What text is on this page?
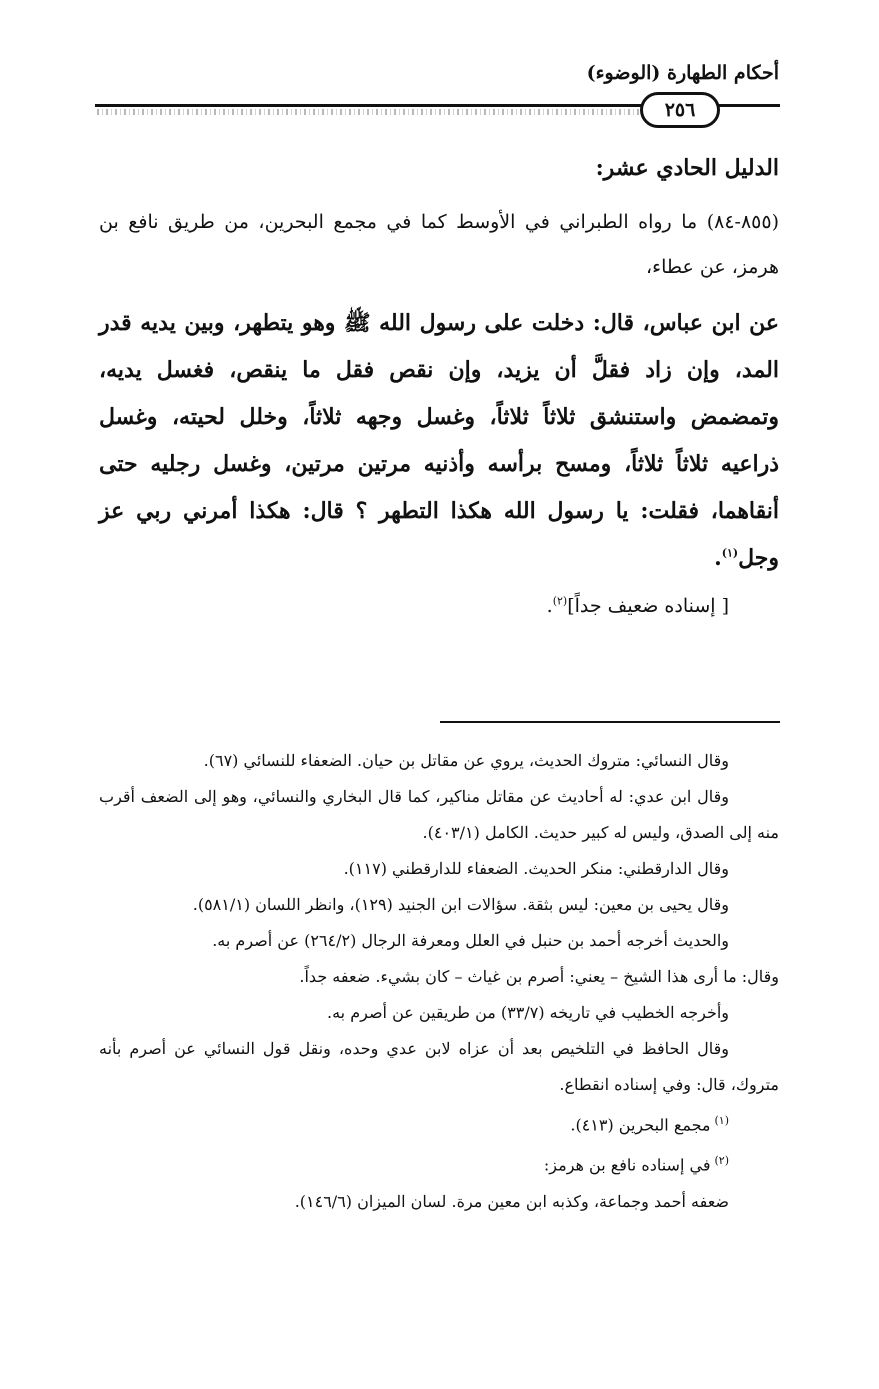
أحكام الطهارة (الوضوء)
٢٥٦

الدليل الحادي عشر:

(٨٥٥-٨٤) ما رواه الطبراني في الأوسط كما في مجمع البحرين، من طريق نافع بن هرمز، عن عطاء،

عن ابن عباس، قال: دخلت على رسول الله ﷺ وهو يتطهر، وبين يديه قدر المد، وإن زاد فقلَّ أن يزيد، وإن نقص فقل ما ينقص، فغسل يديه، وتمضمض واستنشق ثلاثاً ثلاثاً، وغسل وجهه ثلاثاً، وخلل لحيته، وغسل ذراعيه ثلاثاً ثلاثاً، ومسح برأسه وأذنيه مرتين مرتين، وغسل رجليه حتى أنقاهما، فقلت: يا رسول الله هكذا التطهر ؟ قال: هكذا أمرني ربي عز وجل$^{(١)}$.

[ إسناده ضعيف جداً]$^{(٢)}$.

وقال النسائي: متروك الحديث، يروي عن مقاتل بن حيان. الضعفاء للنسائي (٦٧).

وقال ابن عدي: له أحاديث عن مقاتل مناكير، كما قال البخاري والنسائي، وهو إلى الضعف أقرب منه إلى الصدق، وليس له كبير حديث. الكامل (٤٠٣/١).

وقال الدارقطني: منكر الحديث. الضعفاء للدارقطني (١١٧).

وقال يحيى بن معين: ليس بثقة. سؤالات ابن الجنيد (١٢٩)، وانظر اللسان (٥٨١/١).

والحديث أخرجه أحمد بن حنبل في العلل ومعرفة الرجال (٢٦٤/٢) عن أصرم به.

وقال: ما أرى هذا الشيخ – يعني: أصرم بن غياث – كان بشيء. ضعفه جداً.

وأخرجه الخطيب في تاريخه (٣٣/٧) من طريقين عن أصرم به.

وقال الحافظ في التلخيص بعد أن عزاه لابن عدي وحده، ونقل قول النسائي عن أصرم بأنه متروك، قال: وفي إسناده انقطاع.

$^{(١)}$مجمع البحرين (٤١٣).

$^{(٢)}$في إسناده نافع بن هرمز:

ضعفه أحمد وجماعة، وكذبه ابن معين مرة. لسان الميزان (١٤٦/٦).
